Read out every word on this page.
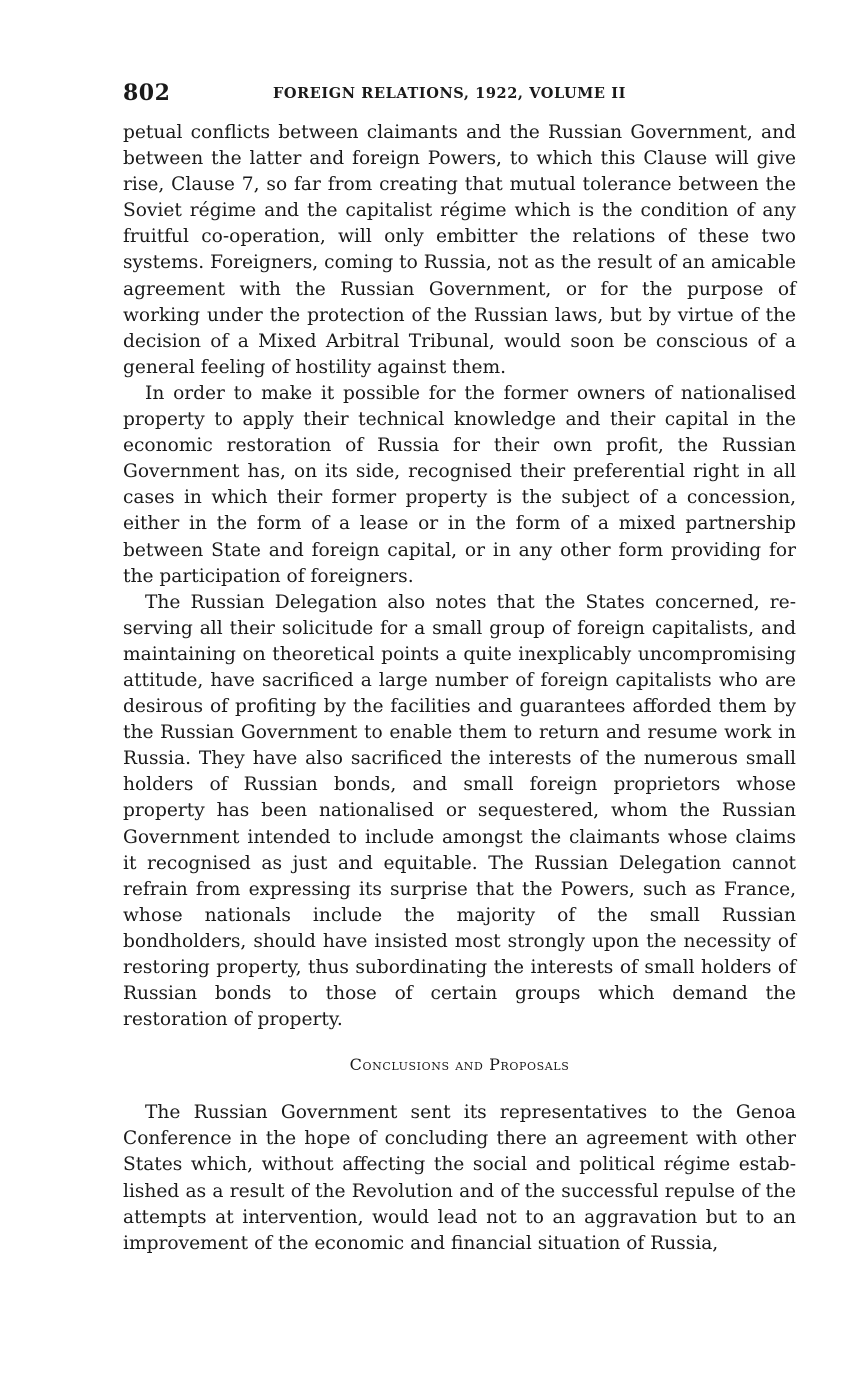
802	FOREIGN RELATIONS, 1922, VOLUME II

petual conflicts between claimants and the Russian Government, and between the latter and foreign Powers, to which this Clause will give rise, Clause 7, so far from creating that mutual tolerance between the Soviet régime and the capitalist régime which is the condition of any fruitful co-operation, will only embitter the relations of these two systems. Foreigners, coming to Russia, not as the result of an amicable agreement with the Russian Government, or for the purpose of working under the protection of the Russian laws, but by virtue of the decision of a Mixed Arbitral Tribunal, would soon be conscious of a general feeling of hostility against them.

In order to make it possible for the former owners of nationalised property to apply their technical knowledge and their capital in the economic restoration of Russia for their own profit, the Russian Government has, on its side, recognised their preferential right in all cases in which their former property is the subject of a concession, either in the form of a lease or in the form of a mixed partnership between State and foreign capital, or in any other form providing for the participation of foreigners.

The Russian Delegation also notes that the States concerned, reserving all their solicitude for a small group of foreign capitalists, and maintaining on theoretical points a quite inexplicably uncompromising attitude, have sacrificed a large number of foreign capitalists who are desirous of profiting by the facilities and guarantees afforded them by the Russian Government to enable them to return and resume work in Russia. They have also sacrificed the interests of the numerous small holders of Russian bonds, and small foreign proprietors whose property has been nationalised or sequestered, whom the Russian Government intended to include amongst the claimants whose claims it recognised as just and equitable. The Russian Delegation cannot refrain from expressing its surprise that the Powers, such as France, whose nationals include the majority of the small Russian bondholders, should have insisted most strongly upon the necessity of restoring property, thus subordinating the interests of small holders of Russian bonds to those of certain groups which demand the restoration of property.

Conclusions and Proposals

The Russian Government sent its representatives to the Genoa Conference in the hope of concluding there an agreement with other States which, without affecting the social and political régime established as a result of the Revolution and of the successful repulse of the attempts at intervention, would lead not to an aggravation but to an improvement of the economic and financial situation of Russia,
